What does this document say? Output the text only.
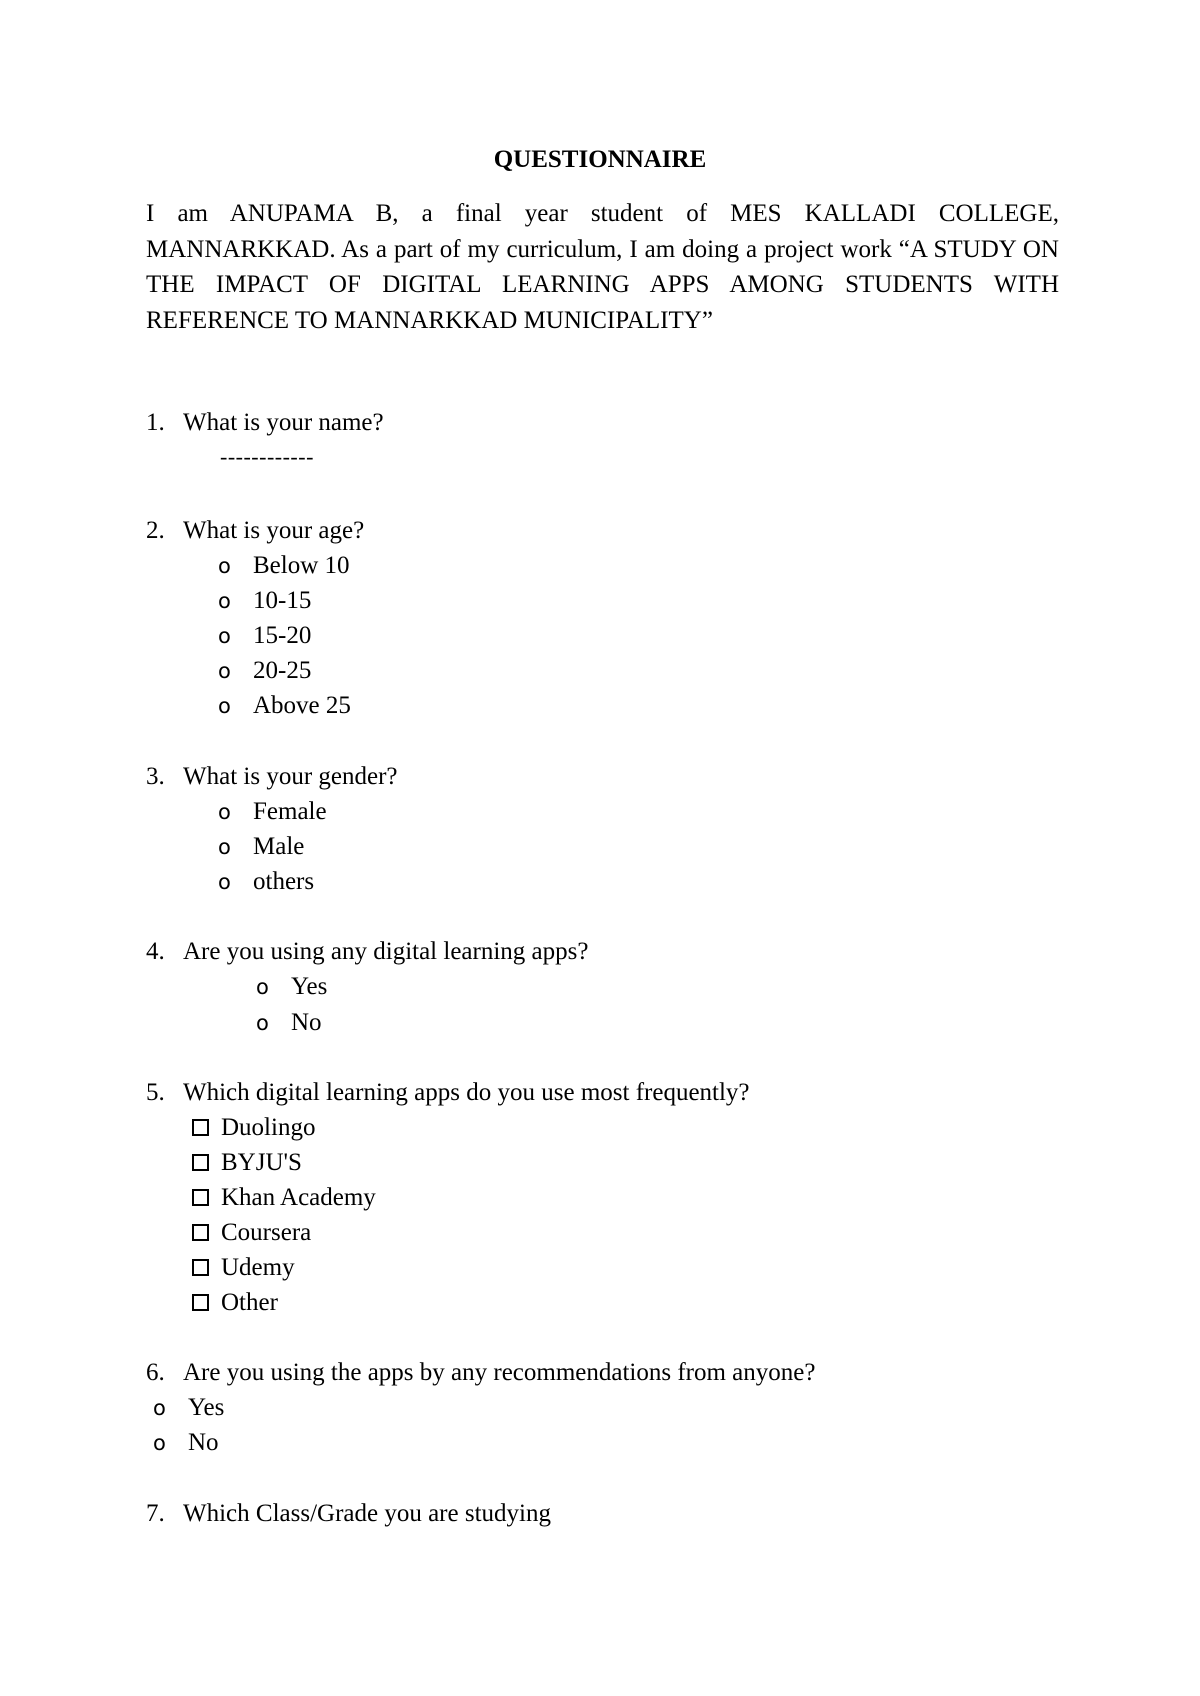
QUESTIONNAIRE

I am ANUPAMA B, a final year student of MES KALLADI COLLEGE, MANNARKKAD. As a part of my curriculum, I am doing a project work “A STUDY ON THE IMPACT OF DIGITAL LEARNING APPS AMONG STUDENTS WITH REFERENCE TO MANNARKKAD MUNICIPALITY”

1. What is your name?
------------
2. What is your age?
o Below 10
o 10-15
o 15-20
o 20-25
o Above 25
3. What is your gender?
o Female
o Male
o others
4. Are you using any digital learning apps?
o Yes
o No
5. Which digital learning apps do you use most frequently?
Duolingo
BYJU'S
Khan Academy
Coursera
Udemy
Other
6. Are you using the apps by any recommendations from anyone?
o Yes
o No
7. Which Class/Grade you are studying
